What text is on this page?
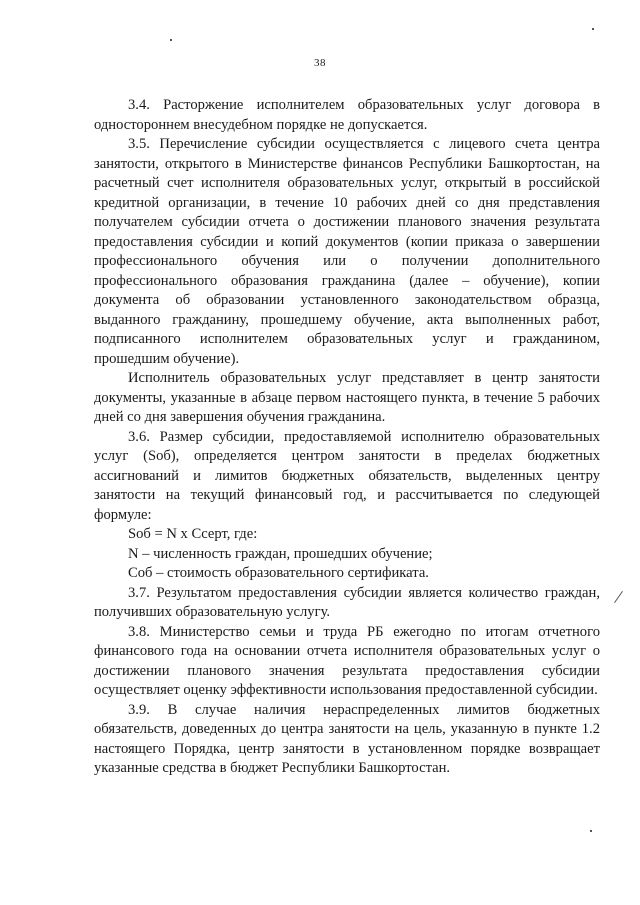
38

3.4. Расторжение исполнителем образовательных услуг договора в одностороннем внесудебном порядке не допускается.

3.5. Перечисление субсидии осуществляется с лицевого счета центра занятости, открытого в Министерстве финансов Республики Башкортостан, на расчетный счет исполнителя образовательных услуг, открытый в российской кредитной организации, в течение 10 рабочих дней со дня представления получателем субсидии отчета о достижении планового значения результата предоставления субсидии и копий документов (копии приказа о завершении профессионального обучения или о получении дополнительного профессионального образования гражданина (далее – обучение), копии документа об образовании установленного законодательством образца, выданного гражданину, прошедшему обучение, акта выполненных работ, подписанного исполнителем образовательных услуг и гражданином, прошедшим обучение).

Исполнитель образовательных услуг представляет в центр занятости документы, указанные в абзаце первом настоящего пункта, в течение 5 рабочих дней со дня завершения обучения гражданина.

3.6. Размер субсидии, предоставляемой исполнителю образовательных услуг (Sоб), определяется центром занятости в пределах бюджетных ассигнований и лимитов бюджетных обязательств, выделенных центру занятости на текущий финансовый год, и рассчитывается по следующей формуле:

Sоб = N х Cсерт, где:

N – численность граждан, прошедших обучение;

Cоб – стоимость образовательного сертификата.

3.7. Результатом предоставления субсидии является количество граждан, получивших образовательную услугу.

3.8. Министерство семьи и труда РБ ежегодно по итогам отчетного финансового года на основании отчета исполнителя образовательных услуг о достижении планового значения результата предоставления субсидии осуществляет оценку эффективности использования предоставленной субсидии.

3.9. В случае наличия нераспределенных лимитов бюджетных обязательств, доведенных до центра занятости на цель, указанную в пункте 1.2 настоящего Порядка, центр занятости в установленном порядке возвращает указанные средства в бюджет Республики Башкортостан.
